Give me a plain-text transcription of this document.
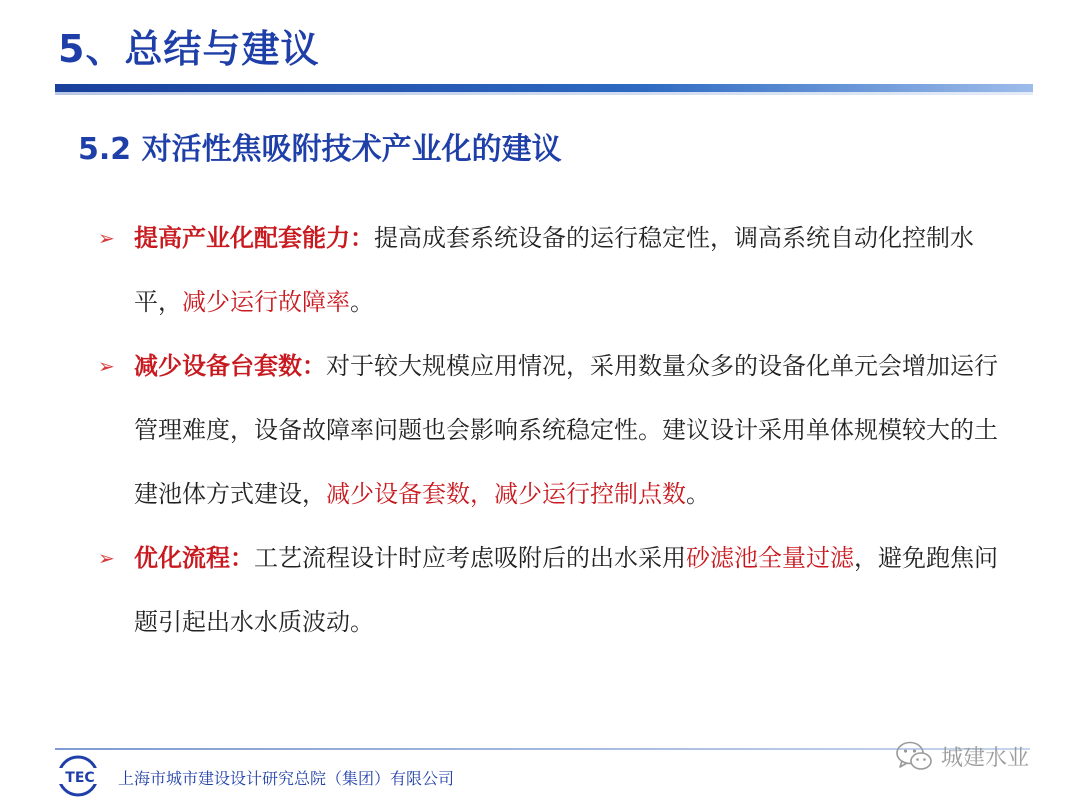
5、总结与建议
5.2 对活性焦吸附技术产业化的建议
➢ 提高产业化配套能力：提高成套系统设备的运行稳定性，调高系统自动化控制水平，减少运行故障率。
➢ 减少设备台套数：对于较大规模应用情况，采用数量众多的设备化单元会增加运行管理难度，设备故障率问题也会影响系统稳定性。建议设计采用单体规模较大的土建池体方式建设，减少设备套数，减少运行控制点数。
➢ 优化流程：工艺流程设计时应考虑吸附后的出水采用砂滤池全量过滤，避免跑焦问题引起出水水质波动。
TEC 上海市城市建设设计研究总院（集团）有限公司
城建水业
